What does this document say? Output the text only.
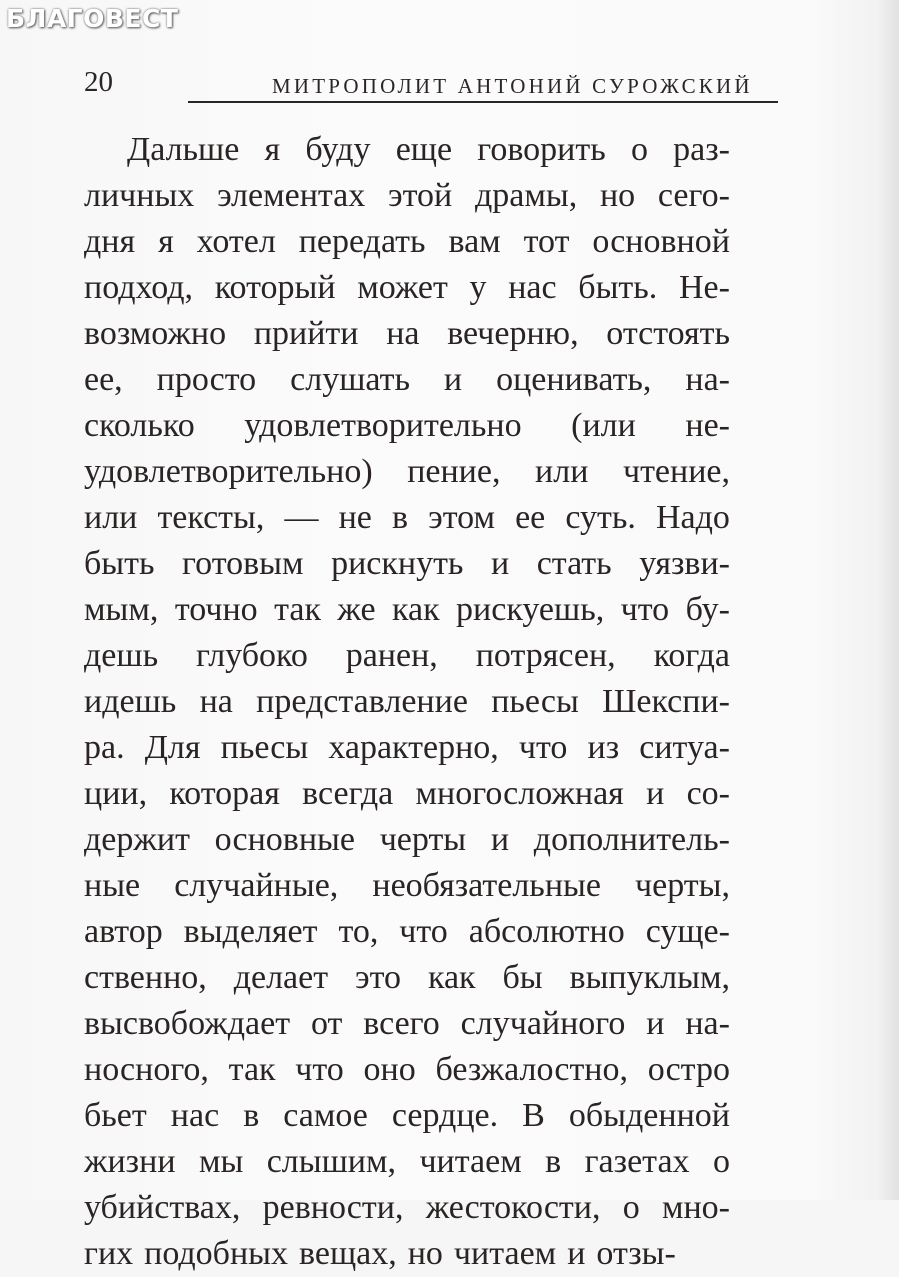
БЛАГОВЕСТ
20	МИТРОПОЛИТ АНТОНИЙ СУРОЖСКИЙ
Дальше я буду еще говорить о раз-
личных элементах этой драмы, но сего-
дня я хотел передать вам тот основной
подход, который может у нас быть. Не-
возможно прийти на вечерню, отстоять
ее, просто слушать и оценивать, на-
сколько удовлетворительно (или не-
удовлетворительно) пение, или чтение,
или тексты, — не в этом ее суть. Надо
быть готовым рискнуть и стать уязви-
мым, точно так же как рискуешь, что бу-
дешь глубоко ранен, потрясен, когда
идешь на представление пьесы Шекспи-
ра. Для пьесы характерно, что из ситуа-
ции, которая всегда многосложная и со-
держит основные черты и дополнитель-
ные случайные, необязательные черты,
автор выделяет то, что абсолютно суще-
ственно, делает это как бы выпуклым,
высвобождает от всего случайного и на-
носного, так что оно безжалостно, остро
бьет нас в самое сердце. В обыденной
жизни мы слышим, читаем в газетах о
убийствах, ревности, жестокости, о мно-
гих подобных вещах, но читаем и отзы-
